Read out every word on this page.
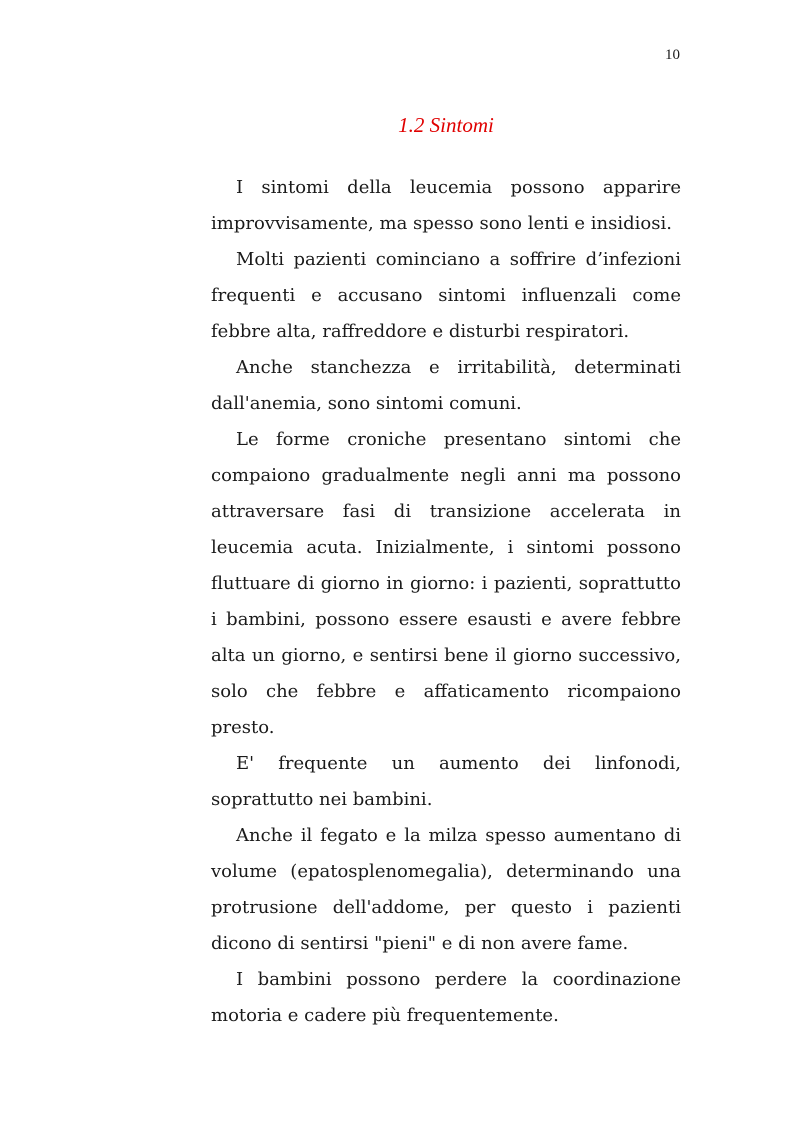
10
1.2 Sintomi

I sintomi della leucemia possono apparire improvvisamente, ma spesso sono lenti e insidiosi.

Molti pazienti cominciano a soffrire d’infezioni frequenti e accusano sintomi influenzali come febbre alta, raffreddore e disturbi respiratori.

Anche stanchezza e irritabilità, determinati dall'anemia, sono sintomi comuni.

Le forme croniche presentano sintomi che compaiono gradualmente negli anni ma possono attraversare fasi di transizione accelerata in leucemia acuta. Inizialmente, i sintomi possono fluttuare di giorno in giorno: i pazienti, soprattutto i bambini, possono essere esausti e avere febbre alta un giorno, e sentirsi bene il giorno successivo, solo che febbre e affaticamento ricompaiono presto.

E' frequente un aumento dei linfonodi, soprattutto nei bambini.

Anche il fegato e la milza spesso aumentano di volume (epatosplenomegalia), determinando una protrusione dell'addome, per questo i pazienti dicono di sentirsi "pieni" e di non avere fame.

I bambini possono perdere la coordinazione motoria e cadere più frequentemente.
